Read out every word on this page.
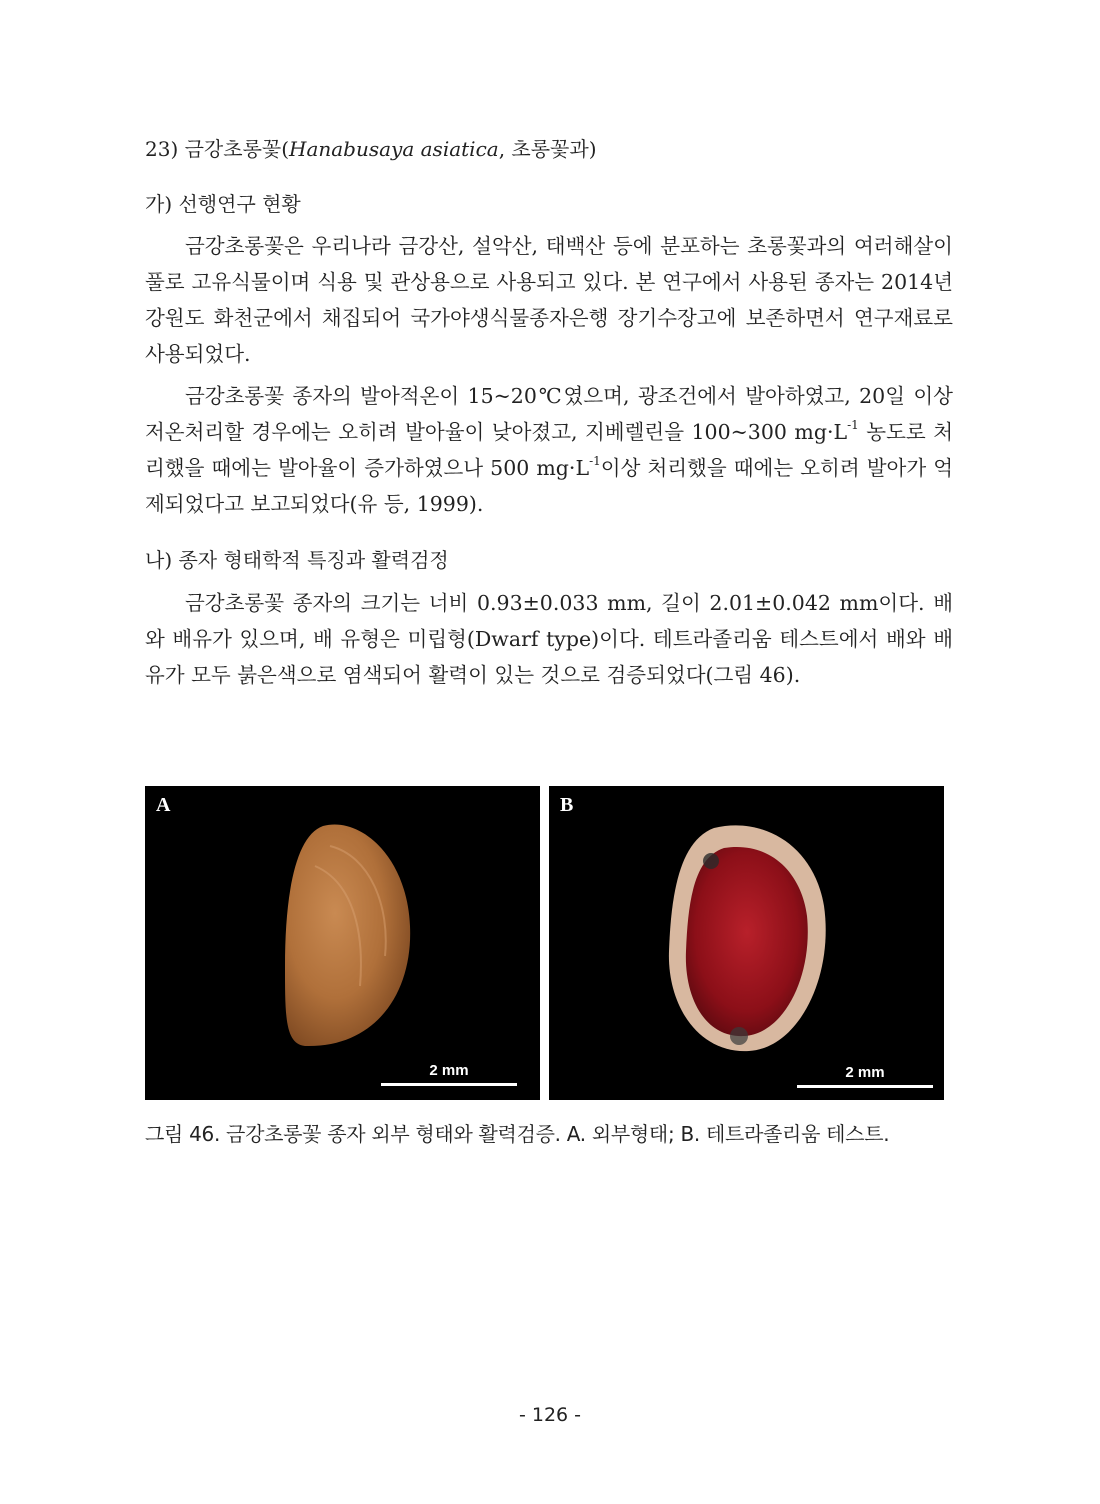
23) 금강초롱꽃(Hanabusaya asiatica, 초롱꽃과)
가) 선행연구 현황

금강초롱꽃은 우리나라 금강산, 설악산, 태백산 등에 분포하는 초롱꽃과의 여러해살이풀로 고유식물이며 식용 및 관상용으로 사용되고 있다. 본 연구에서 사용된 종자는 2014년 강원도 화천군에서 채집되어 국가야생식물종자은행 장기수장고에 보존하면서 연구재료로 사용되었다.

금강초롱꽃 종자의 발아적온이 15~20℃였으며, 광조건에서 발아하였고, 20일 이상 저온처리할 경우에는 오히려 발아율이 낮아졌고, 지베렐린을 100~300 $mg\cdot L^{-1}$ 농도로 처리했을 때에는 발아율이 증가하였으나 500 $mg\cdot L^{-1}$이상 처리했을 때에는 오히려 발아가 억제되었다고 보고되었다(유 등, 1999).

나) 종자 형태학적 특징과 활력검정

금강초롱꽃 종자의 크기는 너비 0.93±0.033 mm, 길이 2.01±0.042 mm이다. 배와 배유가 있으며, 배 유형은 미립형(Dwarf type)이다. 테트라졸리움 테스트에서 배와 배유가 모두 붉은색으로 염색되어 활력이 있는 것으로 검증되었다(그림 46).

A
2 mm
B
2 mm
그림 46. 금강초롱꽃 종자 외부 형태와 활력검증. A. 외부형태; B. 테트라졸리움 테스트.
- 126 -
